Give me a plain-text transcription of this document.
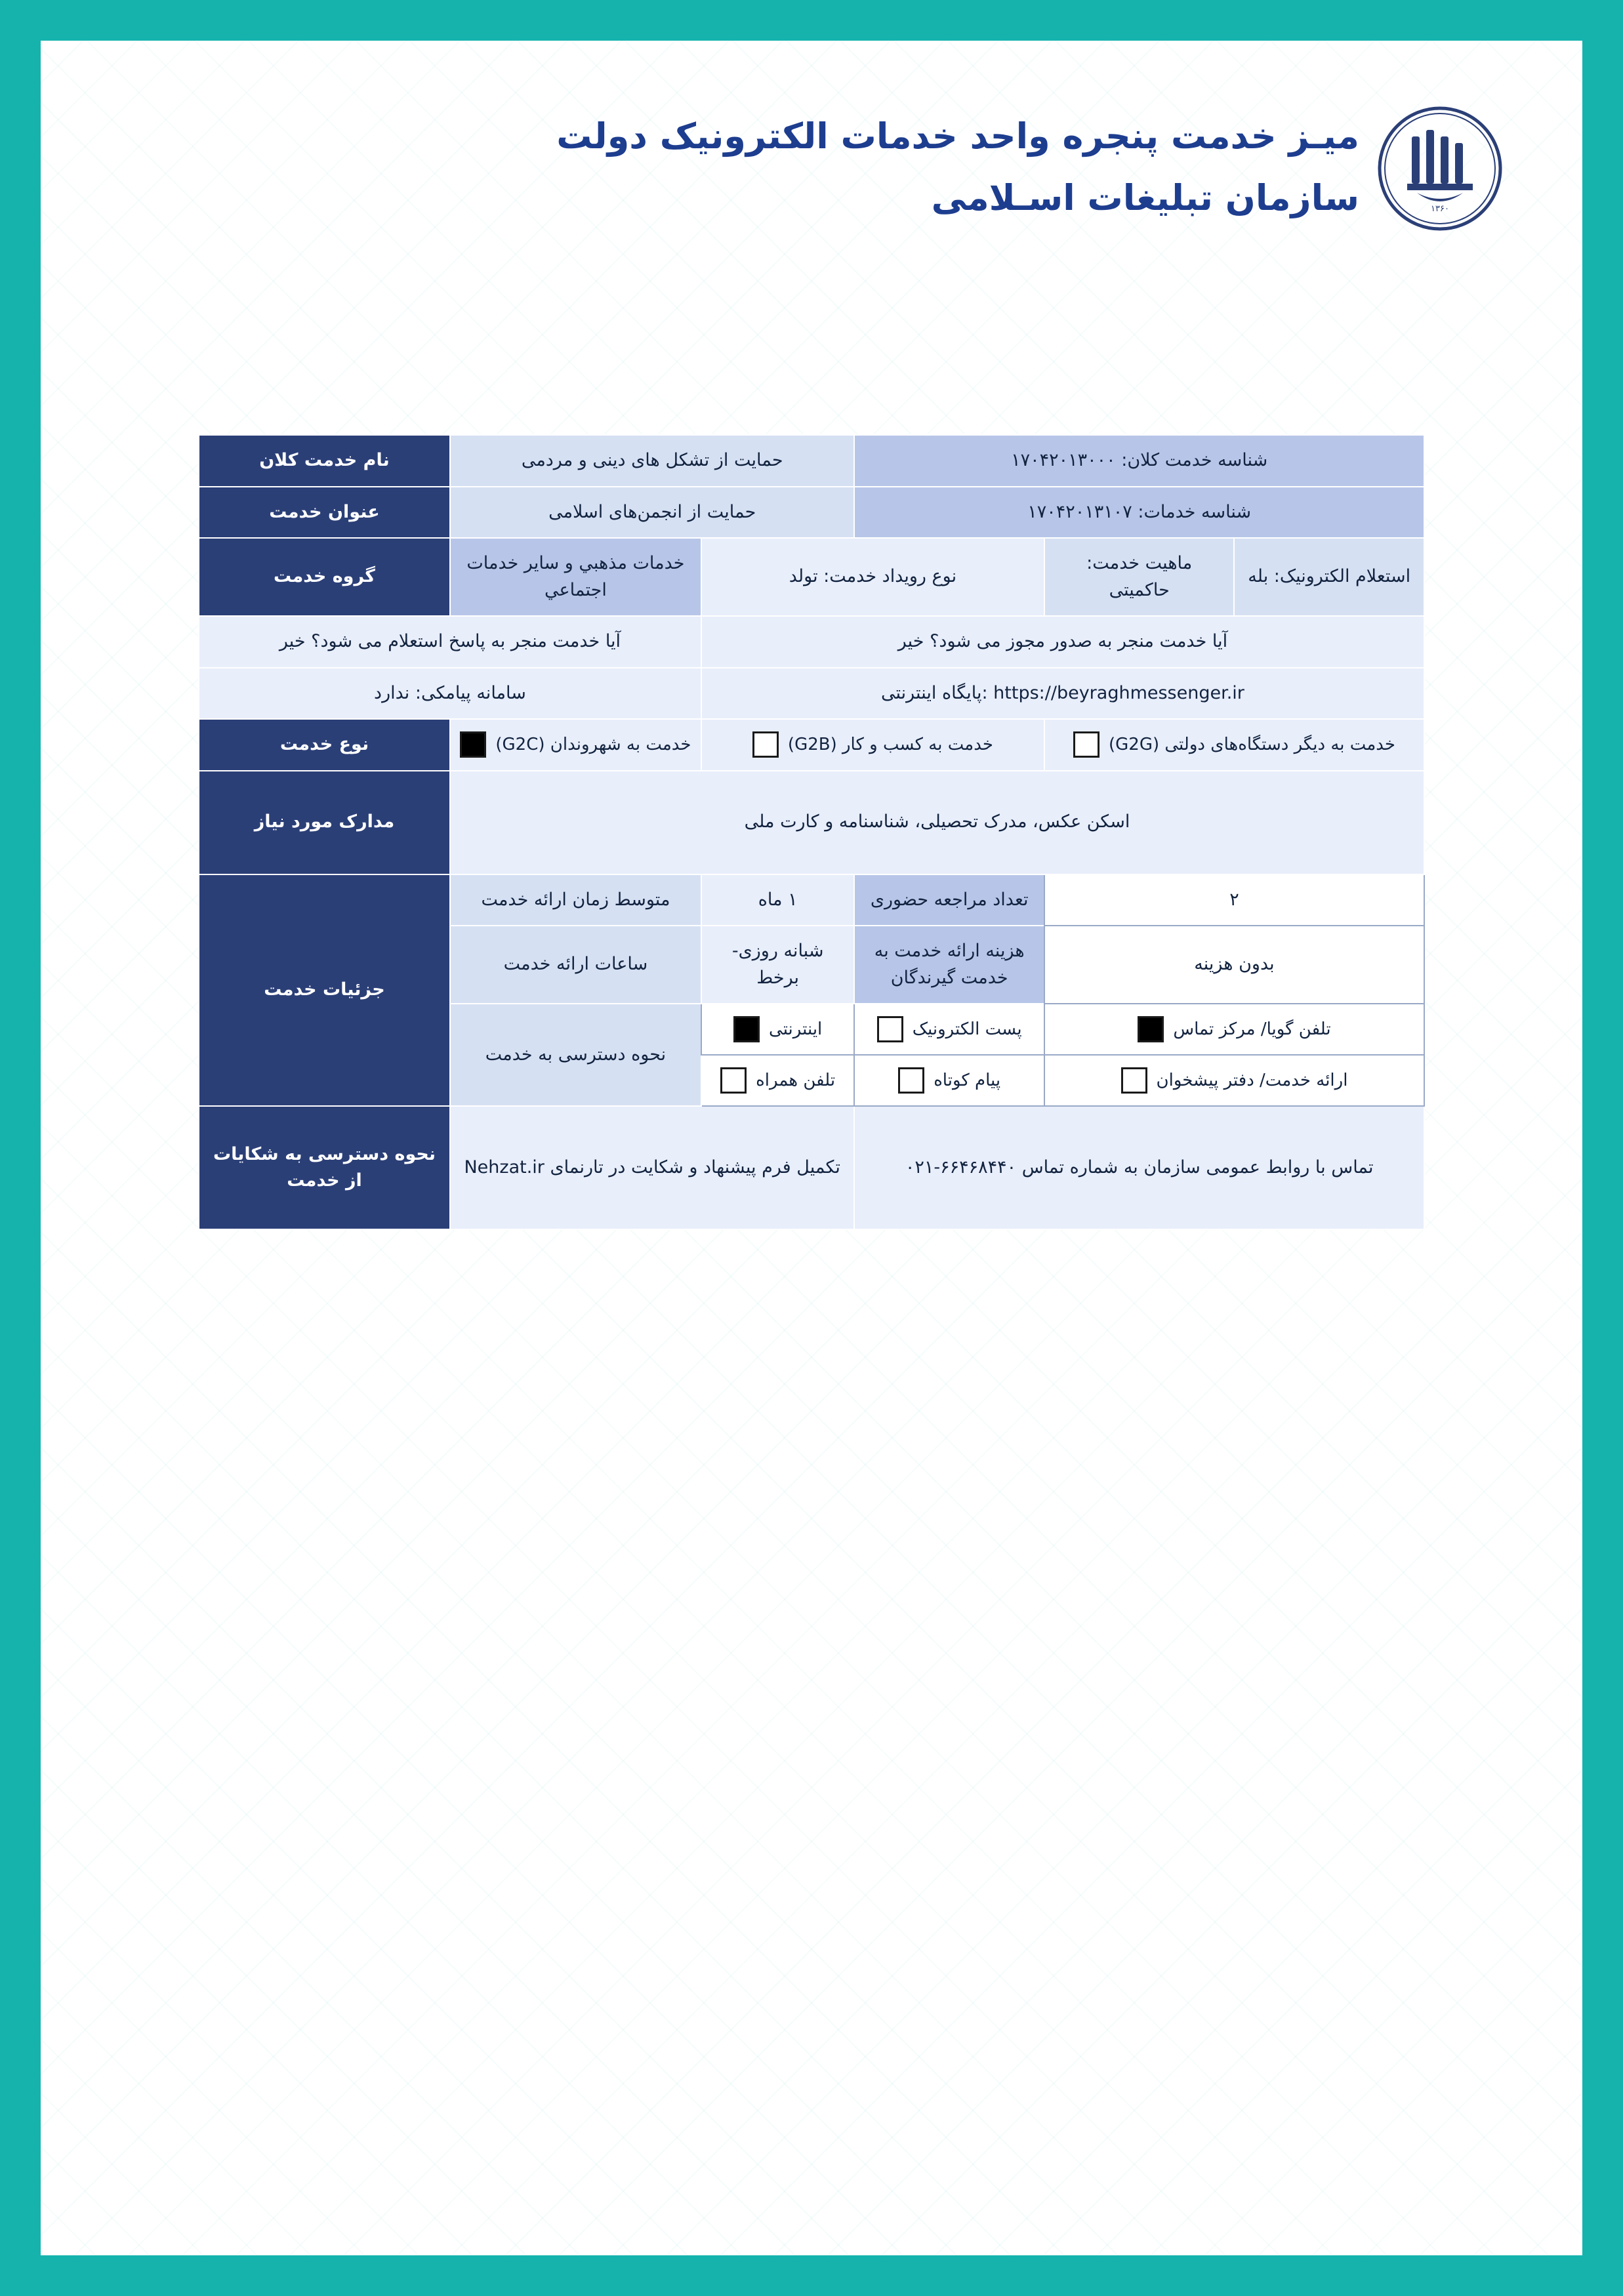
میـز خدمت پنجره واحد خدمات الکترونیک دولت
سازمان تبلیغات اسـلامی	۱۳۶۰
شناسه خدمت کلان: ۱۷۰۴۲۰۱۳۰۰۰			حمایت از تشکل های دینی و مردمی		نام خدمت کلان
شناسه خدمات: ۱۷۰۴۲۰۱۳۱۰۷			حمایت از انجمن‌های اسلامی		عنوان خدمت
استعلام الکترونیک: بله	ماهیت خدمت: حاکمیتی	نوع رویداد خدمت: تولد		خدمات مذهبي و ساير خدمات اجتماعي	گروه خدمت
آیا خدمت منجر به صدور مجوز می شود؟ خیر				آیا خدمت منجر به پاسخ استعلام می شود؟ خیر	
https://beyraghmessenger.ir :پایگاه اینترنتی				سامانه پیامکی: ندارد	

خدمت به دیگر دستگاه‌های دولتی (G2G)		خدمت به کسب و کار (G2B)		خدمت به شهروندان (G2C)	نوع خدمت
اسکن عکس، مدرک تحصیلی، شناسنامه و کارت ملی					مدارک مورد نیاز
۲		تعداد مراجعه حضوری	۱ ماه	متوسط زمان ارائه خدمت	جزئیات خدمت
بدون هزینه		هزینه ارائه خدمت به خدمت گیرندگان	شبانه روزی- برخط	ساعات ارائه خدمت	

تلفن گویا/ مرکز تماس		پست الکترونیک	اینترنتی	نحوه دسترسی به خدمت	

ارائه خدمت/ دفتر پیشخوان		پیام کوتاه	تلفن همراه		

تماس با روابط عمومی سازمان به شماره تماس ۶۶۴۶۸۴۴۰-۰۲۱			تکمیل فرم پیشنهاد و شکایت در تارنمای Nehzat.ir		نحوه دسترسی به شکایات از خدمت
